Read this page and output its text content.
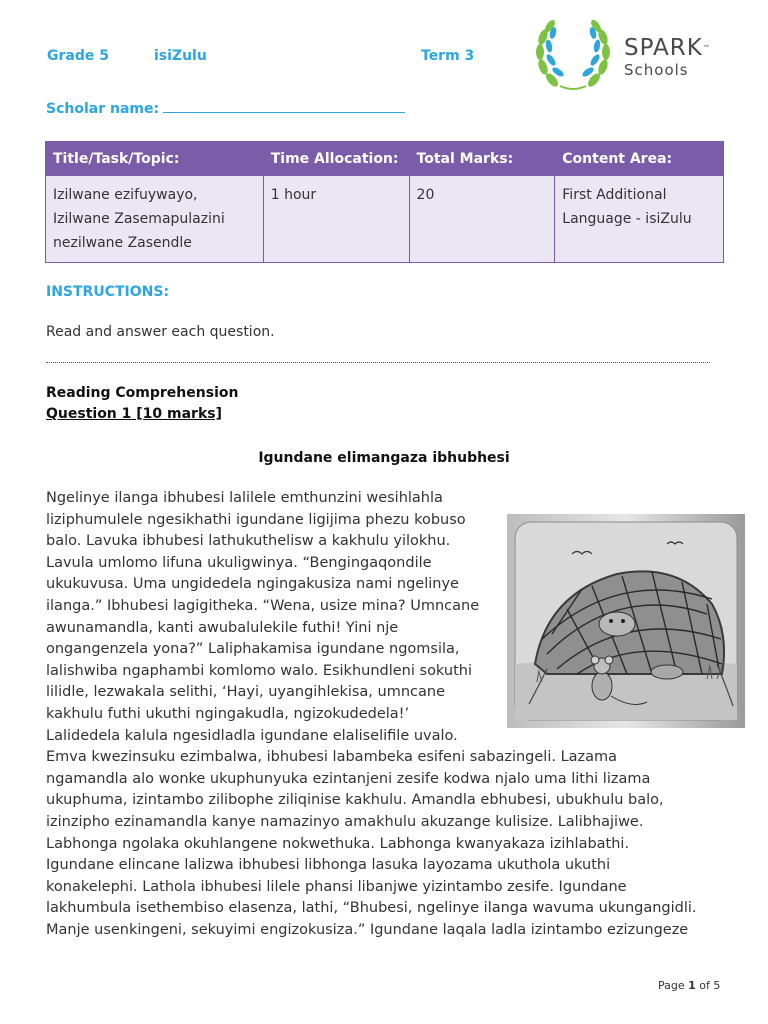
Grade 5	isiZulu	Term 3	SPARK™
Schools
Scholar name:
Title/Task/Topic:	Time Allocation:	Total Marks:	Content Area:
Izilwane ezifuywayo, Izilwane Zasemapulazini nezilwane Zasendle	1 hour	20	First Additional Language - isiZulu
INSTRUCTIONS:
Read and answer each question.
Reading Comprehension
Question 1 [10 marks]
Igundane elimangaza ibhubhesi
Ngelinye ilanga ibhubesi lalilele emthunzini wesihlahla
liziphumulele ngesikhathi igundane ligijima phezu kobuso
balo. Lavuka ibhubesi lathukuthelisw a kakhulu yilokhu.
Lavula umlomo lifuna ukuligwinya. “Bengingaqondile
ukukuvusa. Uma ungidedela ngingakusiza nami ngelinye
ilanga.” Ibhubesi lagigitheka. “Wena, usize mina? Umncane
awunamandla, kanti awubalulekile futhi! Yini nje
ongangenzela yona?” Laliphakamisa igundane ngomsila,
lalishwiba ngaphambi komlomo walo. Esikhundleni sokuthi
lilidle, lezwakala selithi, ‘Hayi, uyangihlekisa, umncane
kakhulu futhi ukuthi ngingakudla, ngizokudedela!’
Lalidedela kalula ngesidladla igundane elaliselifile uvalo.
Emva kwezinsuku ezimbalwa, ibhubesi labambeka esifeni sabazingeli. Lazama
ngamandla alo wonke ukuphunyuka ezintanjeni zesife kodwa njalo uma lithi lizama
ukuphuma, izintambo zilibophe ziliqinise kakhulu. Amandla ebhubesi, ubukhulu balo,
izinzipho ezinamandla kanye namazinyo amakhulu akuzange kulisize. Lalibhajiwe.
Labhonga ngolaka okuhlangene nokwethuka. Labhonga kwanyakaza izihlabathi.
Igundane elincane lalizwa ibhubesi libhonga lasuka layozama ukuthola ukuthi
konakelephi. Lathola ibhubesi lilele phansi libanjwe yizintambo zesife. Igundane
lakhumbula isethembiso elasenza, lathi, “Bhubesi, ngelinye ilanga wavuma ukungangidli.
Manje usenkingeni, sekuyimi engizokusiza.” Igundane laqala ladla izintambo ezizungeze
Page 1 of 5
